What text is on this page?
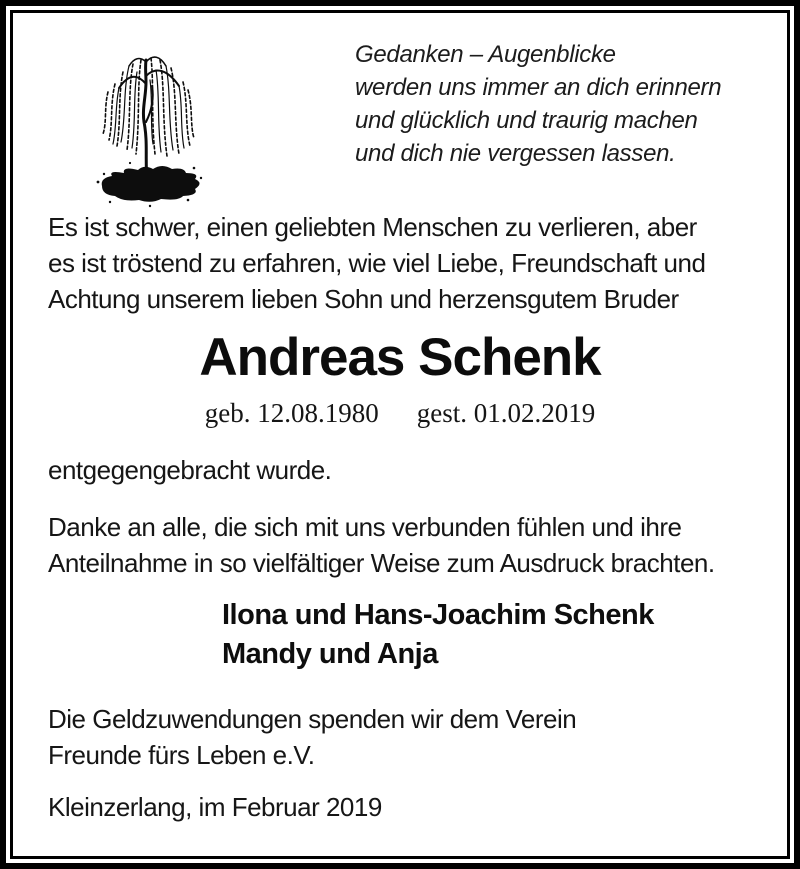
Gedanken – Augenblicke
werden uns immer an dich erinnern
und glücklich und traurig machen
und dich nie vergessen lassen.
Es ist schwer, einen geliebten Menschen zu verlieren, aber
es ist tröstend zu erfahren, wie viel Liebe, Freundschaft und
Achtung unserem lieben Sohn und herzensgutem Bruder
Andreas Schenk
geb. 12.08.1980 gest. 01.02.2019
entgegengebracht wurde.
Danke an alle, die sich mit uns verbunden fühlen und ihre
Anteilnahme in so vielfältiger Weise zum Ausdruck brachten.
Ilona und Hans-Joachim Schenk
Mandy und Anja
Die Geldzuwendungen spenden wir dem Verein
Freunde fürs Leben e.V.
Kleinzerlang, im Februar 2019
